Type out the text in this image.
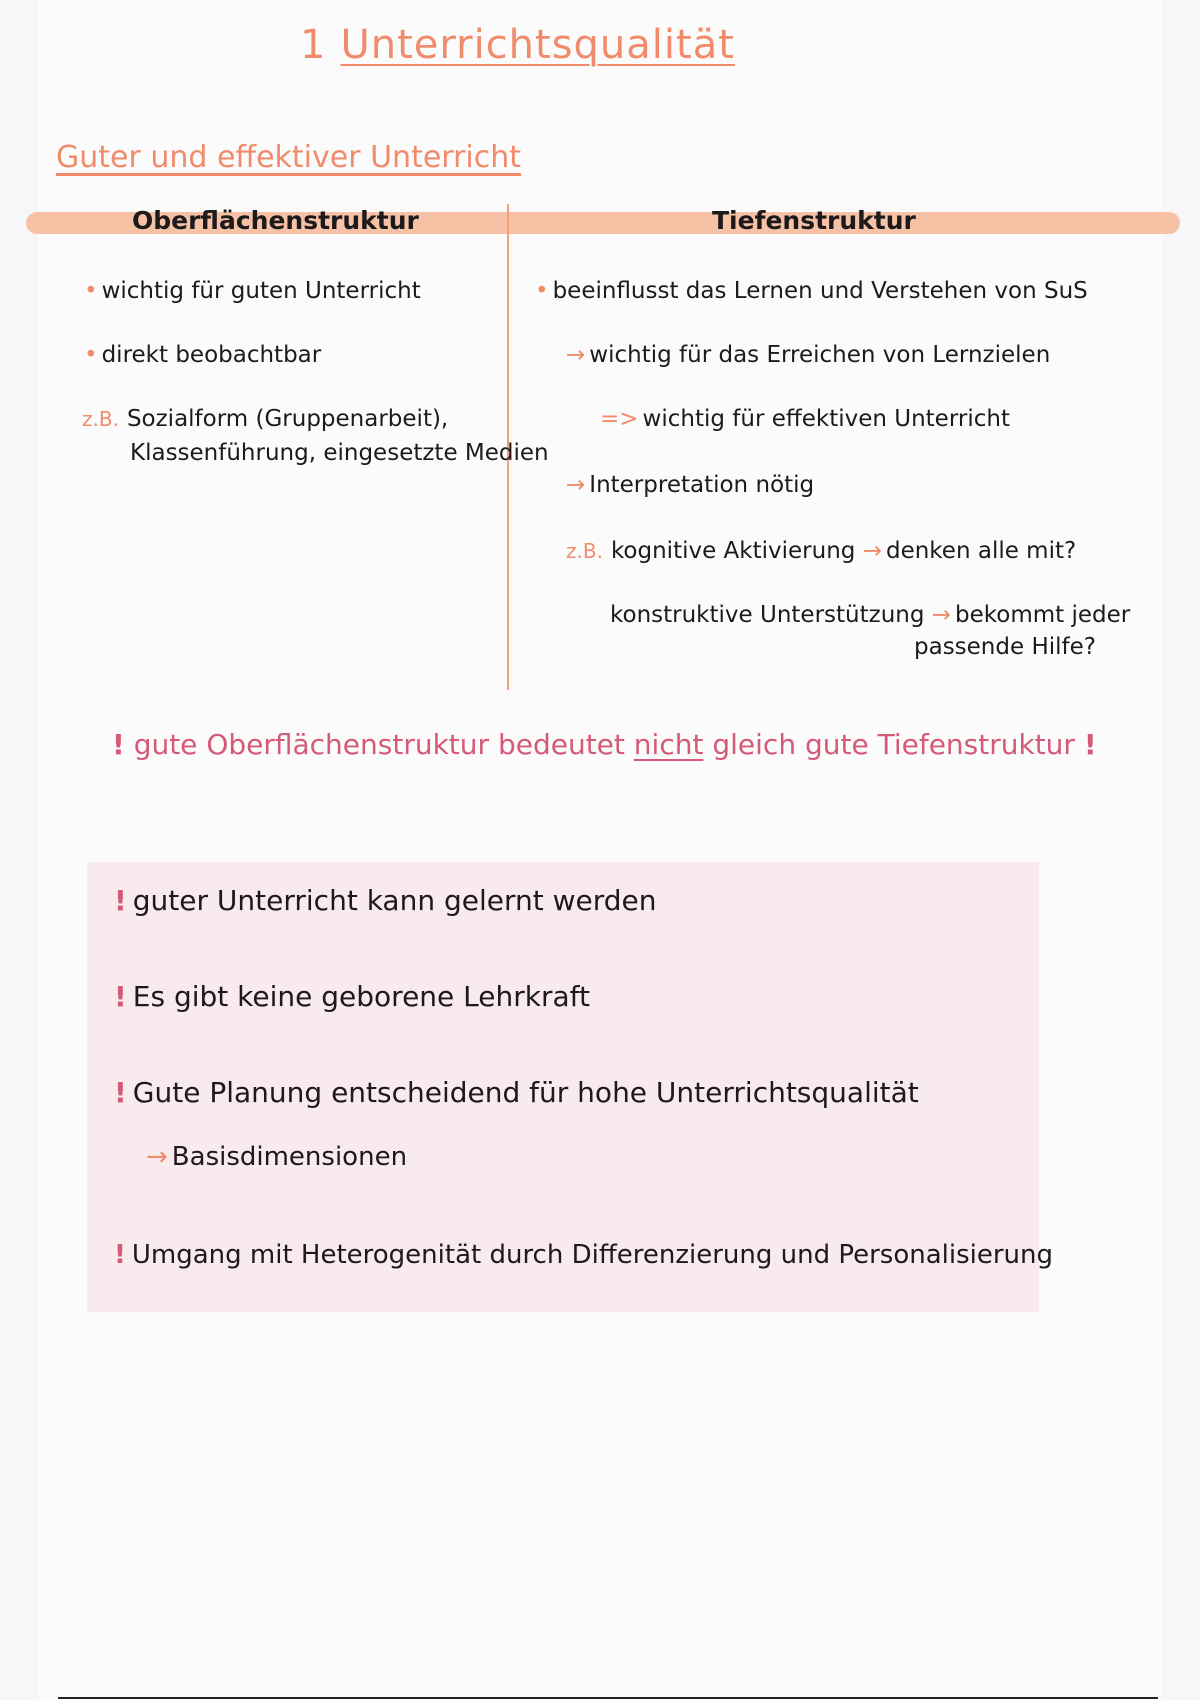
1 Unterrichtsqualität
Guter und effektiver Unterricht
Oberflächenstruktur	Tiefenstruktur
• wichtig für guten Unterricht
• direkt beobachtbar
z.B. Sozialform (Gruppenarbeit),
Klassenführung, eingesetzte Medien
• beeinflusst das Lernen und Verstehen von SuS
→ wichtig für das Erreichen von Lernzielen
=> wichtig für effektiven Unterricht
→ Interpretation nötig
z.B. kognitive Aktivierung → denken alle mit?
konstruktive Unterstützung → bekommt jeder
passende Hilfe?
! gute Oberflächenstruktur bedeutet nicht gleich gute Tiefenstruktur !
! guter Unterricht kann gelernt werden
! Es gibt keine geborene Lehrkraft
! Gute Planung entscheidend für hohe Unterrichtsqualität
→ Basisdimensionen
! Umgang mit Heterogenität durch Differenzierung und Personalisierung
